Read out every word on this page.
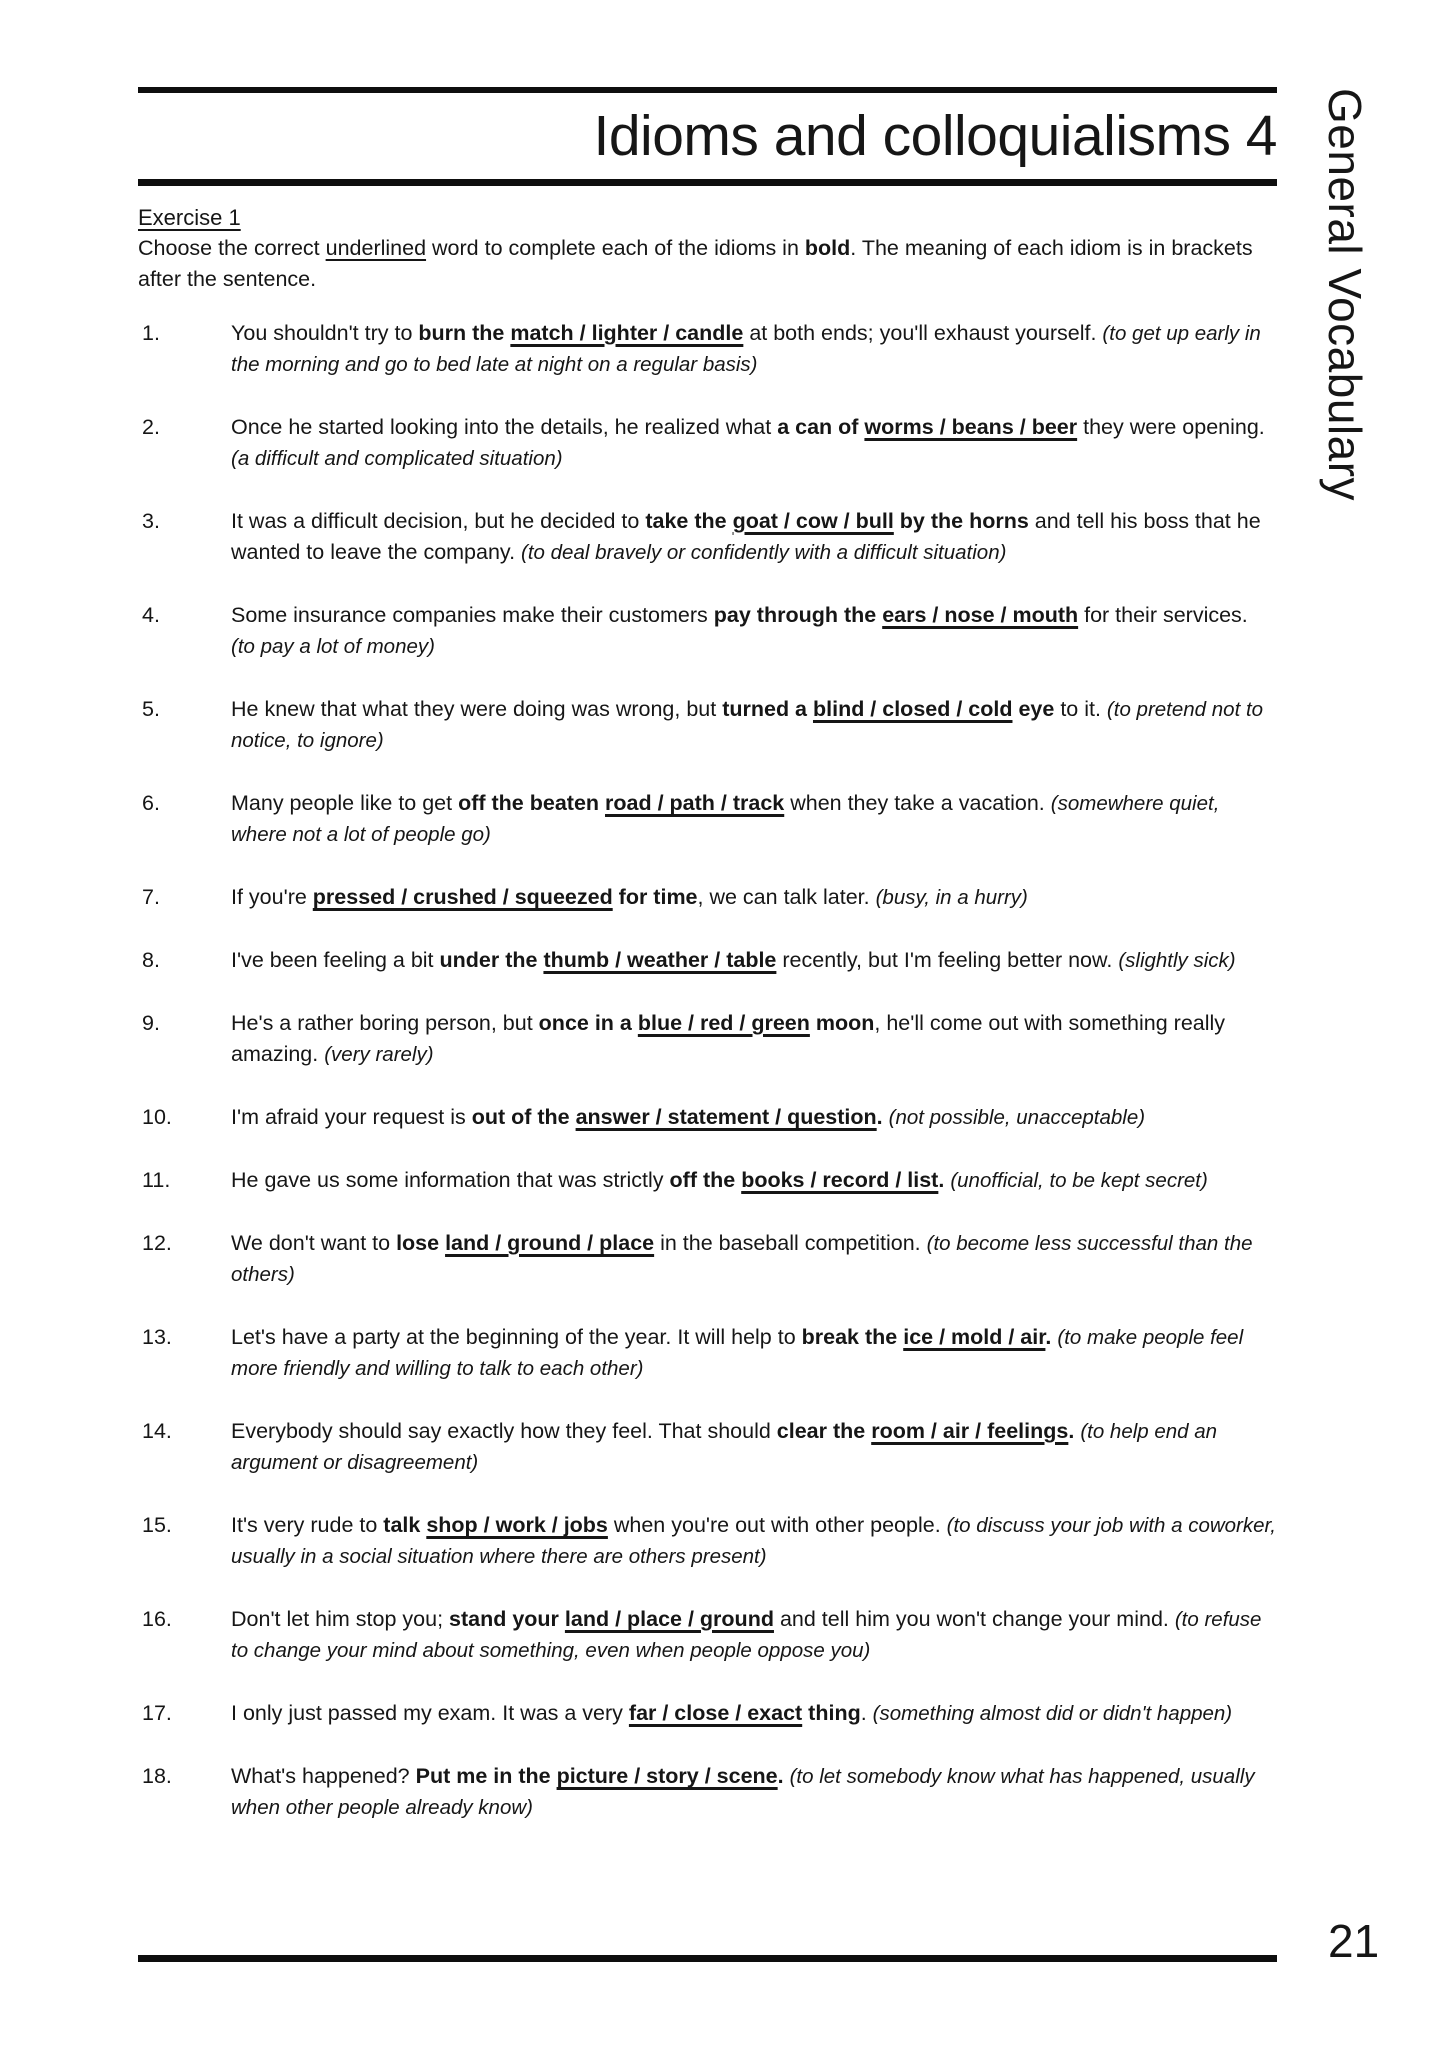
Idioms and colloquialisms 4
Exercise 1
Choose the correct underlined word to complete each of the idioms in bold. The meaning of each idiom is in brackets after the sentence.
1.	You shouldn't try to burn the match / lighter / candle at both ends; you'll exhaust yourself. (to get up early in the morning and go to bed late at night on a regular basis)
2.	Once he started looking into the details, he realized what a can of worms / beans / beer they were opening. (a difficult and complicated situation)
3.	It was a difficult decision, but he decided to take the goat / cow / bull by the horns and tell his boss that he wanted to leave the company. (to deal bravely or confidently with a difficult situation)
4.	Some insurance companies make their customers pay through the ears / nose / mouth for their services. (to pay a lot of money)
5.	He knew that what they were doing was wrong, but turned a blind / closed / cold eye to it. (to pretend not to notice, to ignore)
6.	Many people like to get off the beaten road / path / track when they take a vacation. (somewhere quiet, where not a lot of people go)
7.	If you're pressed / crushed / squeezed for time, we can talk later. (busy, in a hurry)
8.	I've been feeling a bit under the thumb / weather / table recently, but I'm feeling better now. (slightly sick)
9.	He's a rather boring person, but once in a blue / red / green moon, he'll come out with something really amazing. (very rarely)
10.	I'm afraid your request is out of the answer / statement / question. (not possible, unacceptable)
11.	He gave us some information that was strictly off the books / record / list. (unofficial, to be kept secret)
12.	We don't want to lose land / ground / place in the baseball competition. (to become less successful than the others)
13.	Let's have a party at the beginning of the year. It will help to break the ice / mold / air. (to make people feel more friendly and willing to talk to each other)
14.	Everybody should say exactly how they feel. That should clear the room / air / feelings. (to help end an argument or disagreement)
15.	It's very rude to talk shop / work / jobs when you're out with other people. (to discuss your job with a coworker, usually in a social situation where there are others present)
16.	Don't let him stop you; stand your land / place / ground and tell him you won't change your mind. (to refuse to change your mind about something, even when people oppose you)
17.	I only just passed my exam. It was a very far / close / exact thing. (something almost did or didn't happen)
18.	What's happened? Put me in the picture / story / scene. (to let somebody know what has happened, usually when other people already know)
General Vocabulary
21
